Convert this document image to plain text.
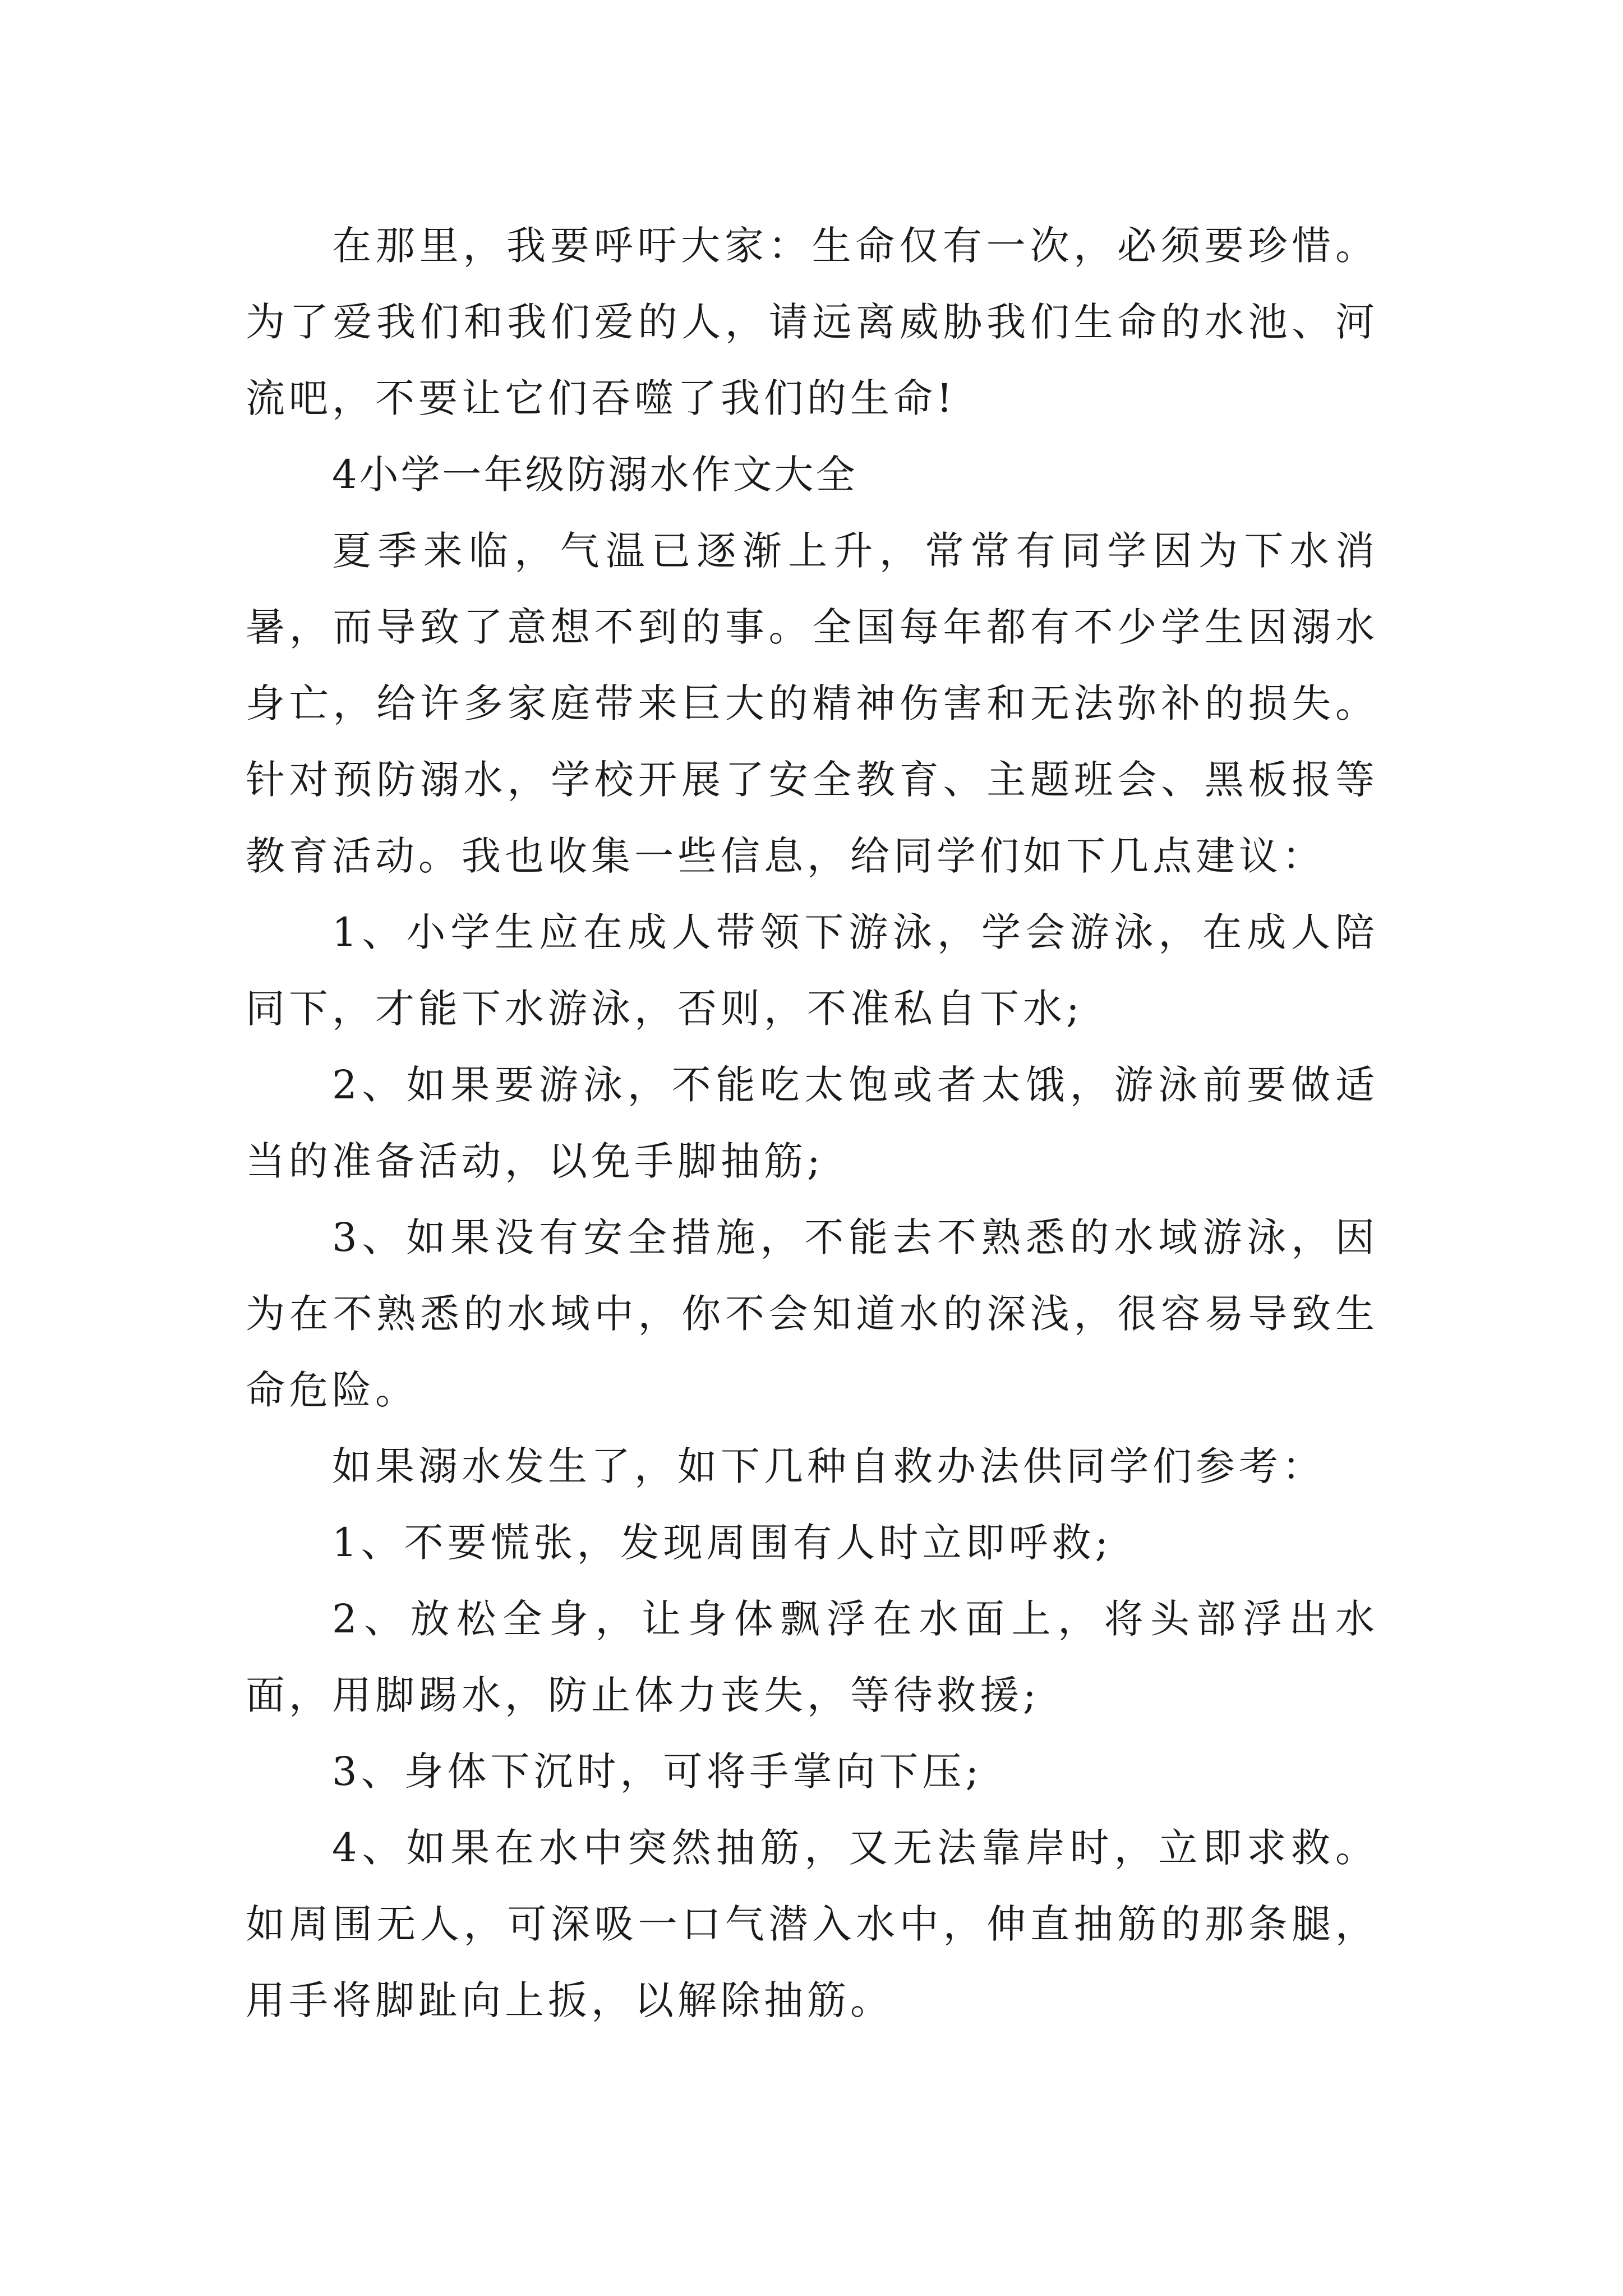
在那里，我要呼吁大家：生命仅有一次，必须要珍惜。为了爱我们和我们爱的人，请远离威胁我们生命的水池、河流吧，不要让它们吞噬了我们的生命!

4小学一年级防溺水作文大全

夏季来临，气温已逐渐上升，常常有同学因为下水消暑，而导致了意想不到的事。全国每年都有不少学生因溺水身亡，给许多家庭带来巨大的精神伤害和无法弥补的损失。针对预防溺水，学校开展了安全教育、主题班会、黑板报等教育活动。我也收集一些信息，给同学们如下几点建议：

1、小学生应在成人带领下游泳，学会游泳，在成人陪同下，才能下水游泳，否则，不准私自下水;

2、如果要游泳，不能吃太饱或者太饿，游泳前要做适当的准备活动，以免手脚抽筋;

3、如果没有安全措施，不能去不熟悉的水域游泳，因为在不熟悉的水域中，你不会知道水的深浅，很容易导致生命危险。

如果溺水发生了，如下几种自救办法供同学们参考：

1、不要慌张，发现周围有人时立即呼救;

2、放松全身，让身体飘浮在水面上，将头部浮出水面，用脚踢水，防止体力丧失，等待救援;

3、身体下沉时，可将手掌向下压;

4、如果在水中突然抽筋，又无法靠岸时，立即求救。如周围无人，可深吸一口气潜入水中，伸直抽筋的那条腿，用手将脚趾向上扳，以解除抽筋。
